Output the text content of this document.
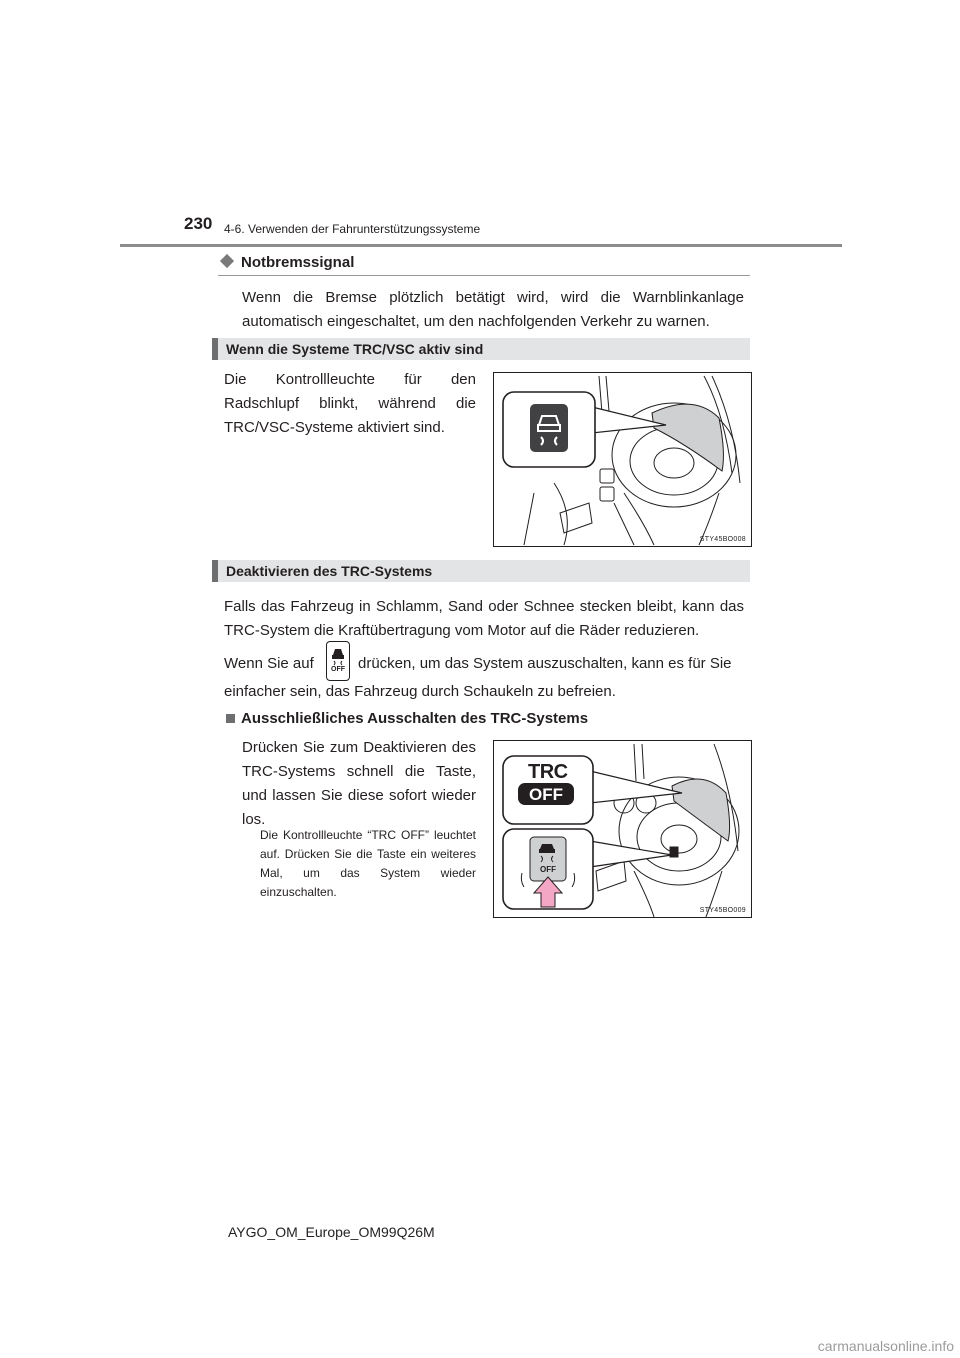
230 4-6. Verwenden der Fahrunterstützungssysteme
Notbremssignal
Wenn die Bremse plötzlich betätigt wird, wird die Warnblinkanlage automatisch eingeschaltet, um den nachfolgenden Verkehr zu warnen.
Wenn die Systeme TRC/VSC aktiv sind
Die Kontrollleuchte für den Radschlupf blinkt, während die TRC/VSC-Systeme aktiviert sind.
STY45BO008
Deaktivieren des TRC-Systems
Falls das Fahrzeug in Schlamm, Sand oder Schnee stecken bleibt, kann das TRC-System die Kraftübertragung vom Motor auf die Räder reduzieren.
Wenn Sie auf	OFF drücken, um das System auszuschalten, kann es für Sie
einfacher sein, das Fahrzeug durch Schaukeln zu befreien.
Ausschließliches Ausschalten des TRC-Systems
Drücken Sie zum Deaktivieren des TRC-Systems schnell die Taste, und lassen Sie diese sofort wieder los.
Die Kontrollleuchte “TRC OFF” leuchtet auf. Drücken Sie die Taste ein weiteres Mal, um das System wieder einzuschalten.
TRC
OFF
OFF
STY45BO009
AYGO_OM_Europe_OM99Q26M
carmanualsonline.info
